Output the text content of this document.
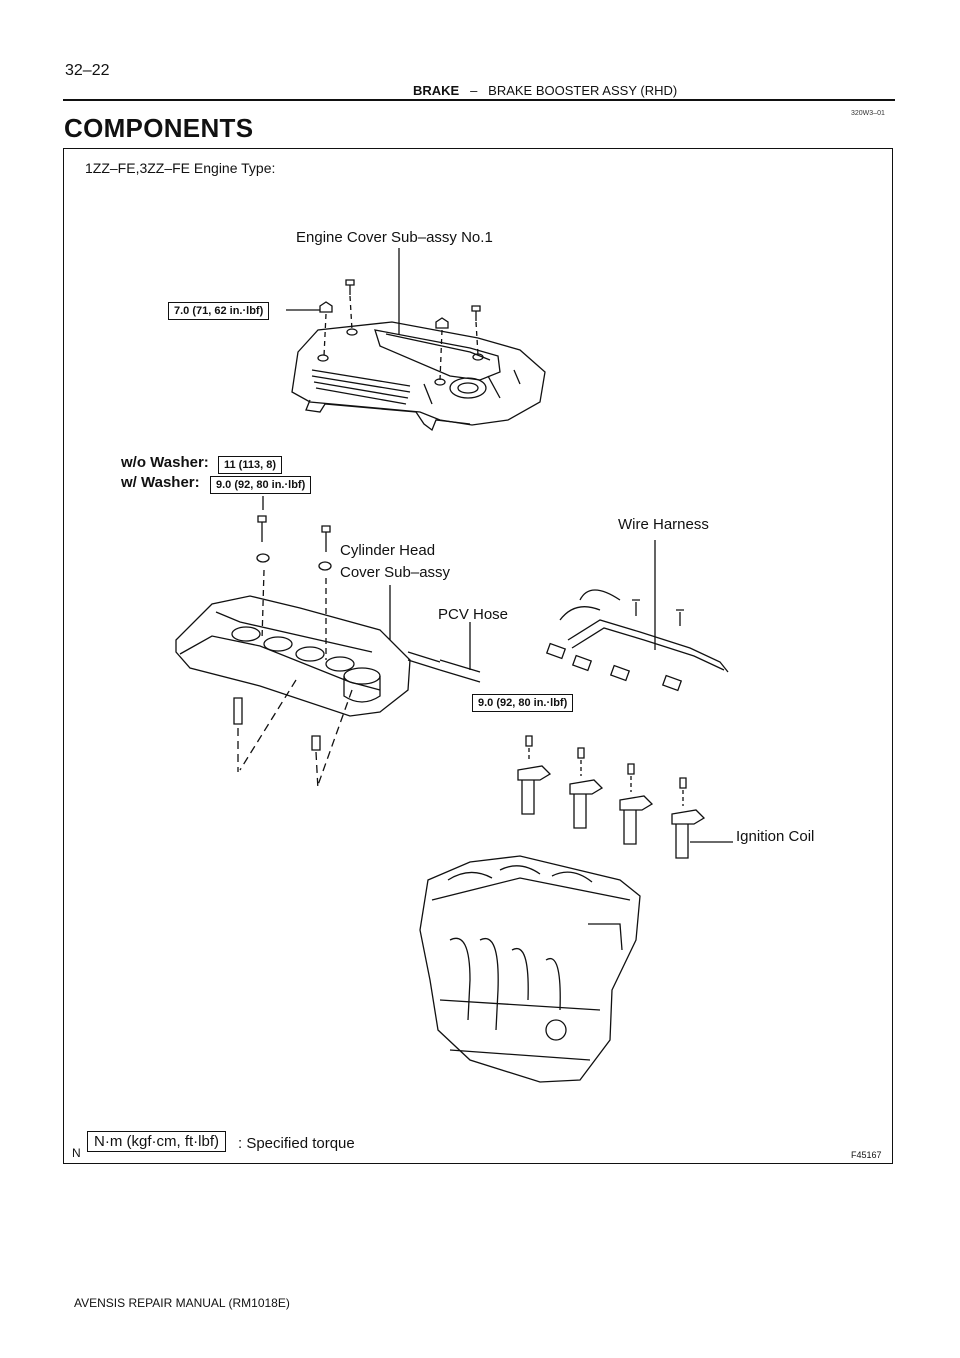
32–22
BRAKE – BRAKE BOOSTER ASSY (RHD)
320W3–01
COMPONENTS
1ZZ–FE,3ZZ–FE Engine Type:
Engine Cover Sub–assy No.1
7.0 (71, 62 in.·lbf)
w/o Washer:
w/ Washer:
11 (113, 8)
9.0 (92, 80 in.·lbf)
Wire Harness
Cylinder Head
Cover Sub–assy
PCV Hose
9.0 (92, 80 in.·lbf)
Ignition Coil
N
N·m (kgf·cm, ft·lbf)	: Specified torque
F45167
AVENSIS REPAIR MANUAL (RM1018E)
